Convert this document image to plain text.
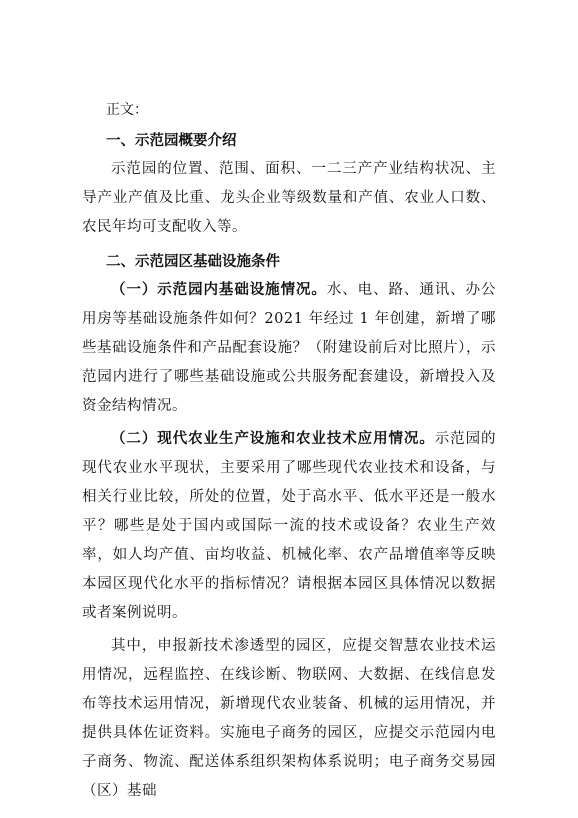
正文：

一、示范园概要介绍

示范园的位置、范围、面积、一二三产产业结构状况、主导产业产值及比重、龙头企业等级数量和产值、农业人口数、农民年均可支配收入等。

二、示范园区基础设施条件

（一）示范园内基础设施情况。水、电、路、通讯、办公用房等基础设施条件如何？2021 年经过 1 年创建，新增了哪些基础设施条件和产品配套设施？（附建设前后对比照片），示范园内进行了哪些基础设施或公共服务配套建设，新增投入及资金结构情况。

（二）现代农业生产设施和农业技术应用情况。示范园的现代农业水平现状，主要采用了哪些现代农业技术和设备，与相关行业比较，所处的位置，处于高水平、低水平还是一般水平？哪些是处于国内或国际一流的技术或设备？农业生产效率，如人均产值、亩均收益、机械化率、农产品增值率等反映本园区现代化水平的指标情况？请根据本园区具体情况以数据或者案例说明。

其中，申报新技术渗透型的园区，应提交智慧农业技术运用情况，远程监控、在线诊断、物联网、大数据、在线信息发布等技术运用情况，新增现代农业装备、机械的运用情况，并提供具体佐证资料。实施电子商务的园区，应提交示范园内电子商务、物流、配送体系组织架构体系说明；电子商务交易园（区）基础
